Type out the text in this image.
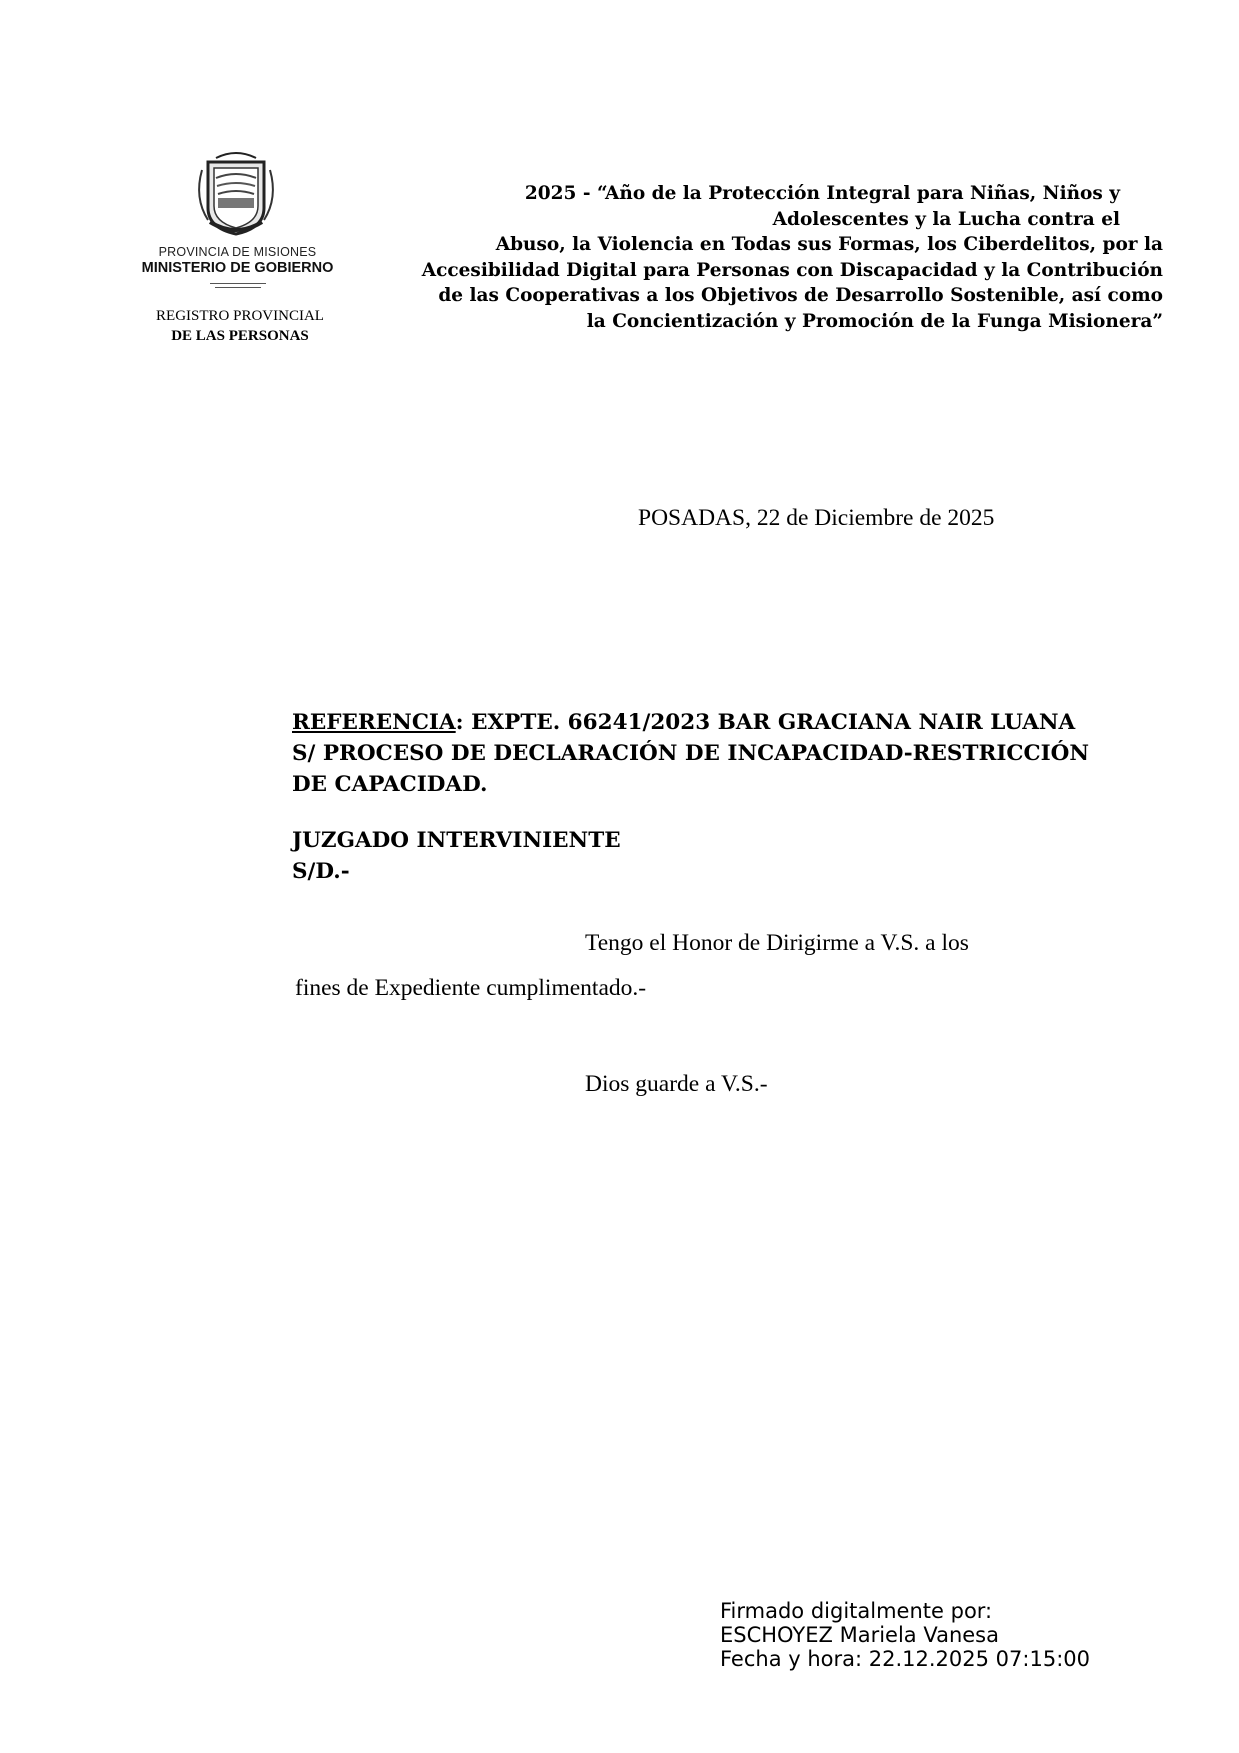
PROVINCIA DE MISIONES
MINISTERIO DE GOBIERNO
REGISTRO PROVINCIAL
DE LAS PERSONAS
2025 - “Año de la Protección Integral para Niñas, Niños y
Adolescentes y la Lucha contra el
Abuso, la Violencia en Todas sus Formas, los Ciberdelitos, por la
Accesibilidad Digital para Personas con Discapacidad y la Contribución
de las Cooperativas a los Objetivos de Desarrollo Sostenible, así como
la Concientización y Promoción de la Funga Misionera”
POSADAS, 22 de Diciembre de 2025
REFERENCIA: EXPTE. 66241/2023 BAR GRACIANA NAIR LUANA
S/ PROCESO DE DECLARACIÓN DE INCAPACIDAD-RESTRICCIÓN
DE CAPACIDAD.
JUZGADO INTERVINIENTE
S/D.-
Tengo el Honor de Dirigirme a V.S. a los
fines de Expediente cumplimentado.-
Dios guarde a V.S.-
Firmado digitalmente por:
ESCHOYEZ Mariela Vanesa
Fecha y hora: 22.12.2025 07:15:00
